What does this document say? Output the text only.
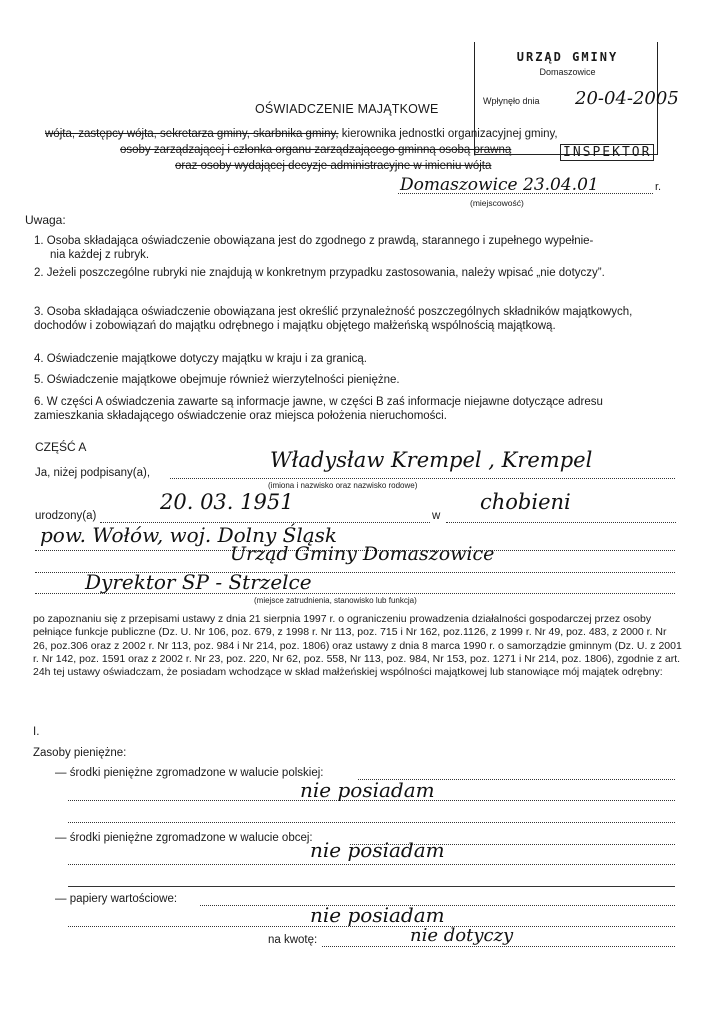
OŚWIADCZENIE MAJĄTKOWE
URZĄD GMINY
Domaszowice
Wpłynęło dnia 20-04-2005
INSPEKTOR
wójta, zastępcy wójta, sekretarza gminy, skarbnika gminy, kierownika jednostki organizacyjnej gminy,
osoby zarządzającej i członka organu zarządzającego gminną osobą prawną
oraz osoby wydającej decyzje administracyjne w imieniu wójta
Domaszowice 23.04.01	r.
(miejscowość)
Uwaga:
1. Osoba składająca oświadczenie obowiązana jest do zgodnego z prawdą, starannego i zupełnego wypełnie-
nia każdej z rubryk.
2. Jeżeli poszczególne rubryki nie znajdują w konkretnym przypadku zastosowania, należy wpisać „nie dotyczy”.
3. Osoba składająca oświadczenie obowiązana jest określić przynależność poszczególnych składników majątkowych, dochodów i zobowiązań do majątku odrębnego i majątku objętego małżeńską wspólnością majątkową.
4. Oświadczenie majątkowe dotyczy majątku w kraju i za granicą.
5. Oświadczenie majątkowe obejmuje również wierzytelności pieniężne.
6. W części A oświadczenia zawarte są informacje jawne, w części B zaś informacje niejawne dotyczące adresu zamieszkania składającego oświadczenie oraz miejsca położenia nieruchomości.
CZĘŚĆ A
Ja, niżej podpisany(a),
Władysław Krempel , Krempel
(imiona i nazwisko oraz nazwisko rodowe)
urodzony(a)
20. 03. 1951
w
chobieni
pow. Wołów, woj. Dolny Śląsk
Urząd Gminy Domaszowice
Dyrektor SP - Strzelce
(miejsce zatrudnienia, stanowisko lub funkcja)
po zapoznaniu się z przepisami ustawy z dnia 21 sierpnia 1997 r. o ograniczeniu prowadzenia działalności gospodarczej przez osoby pełniące funkcje publiczne (Dz. U. Nr 106, poz. 679, z 1998 r. Nr 113, poz. 715 i Nr 162, poz.1126, z 1999 r. Nr 49, poz. 483, z 2000 r. Nr 26, poz.306 oraz z 2002 r. Nr 113, poz. 984 i Nr 214, poz. 1806) oraz ustawy z dnia 8 marca 1990 r. o samorządzie gminnym (Dz. U. z 2001 r. Nr 142, poz. 1591 oraz z 2002 r. Nr 23, poz. 220, Nr 62, poz. 558, Nr 113, poz. 984, Nr 153, poz. 1271 i Nr 214, poz. 1806), zgodnie z art. 24h tej ustawy oświadczam, że posiadam wchodzące w skład małżeńskiej wspólności majątkowej lub stanowiące mój majątek odrębny:
I.
Zasoby pieniężne:
— środki pieniężne zgromadzone w walucie polskiej:
nie posiadam
— środki pieniężne zgromadzone w walucie obcej:
nie posiadam
— papiery wartościowe:
nie posiadam
na kwotę:	nie dotyczy
